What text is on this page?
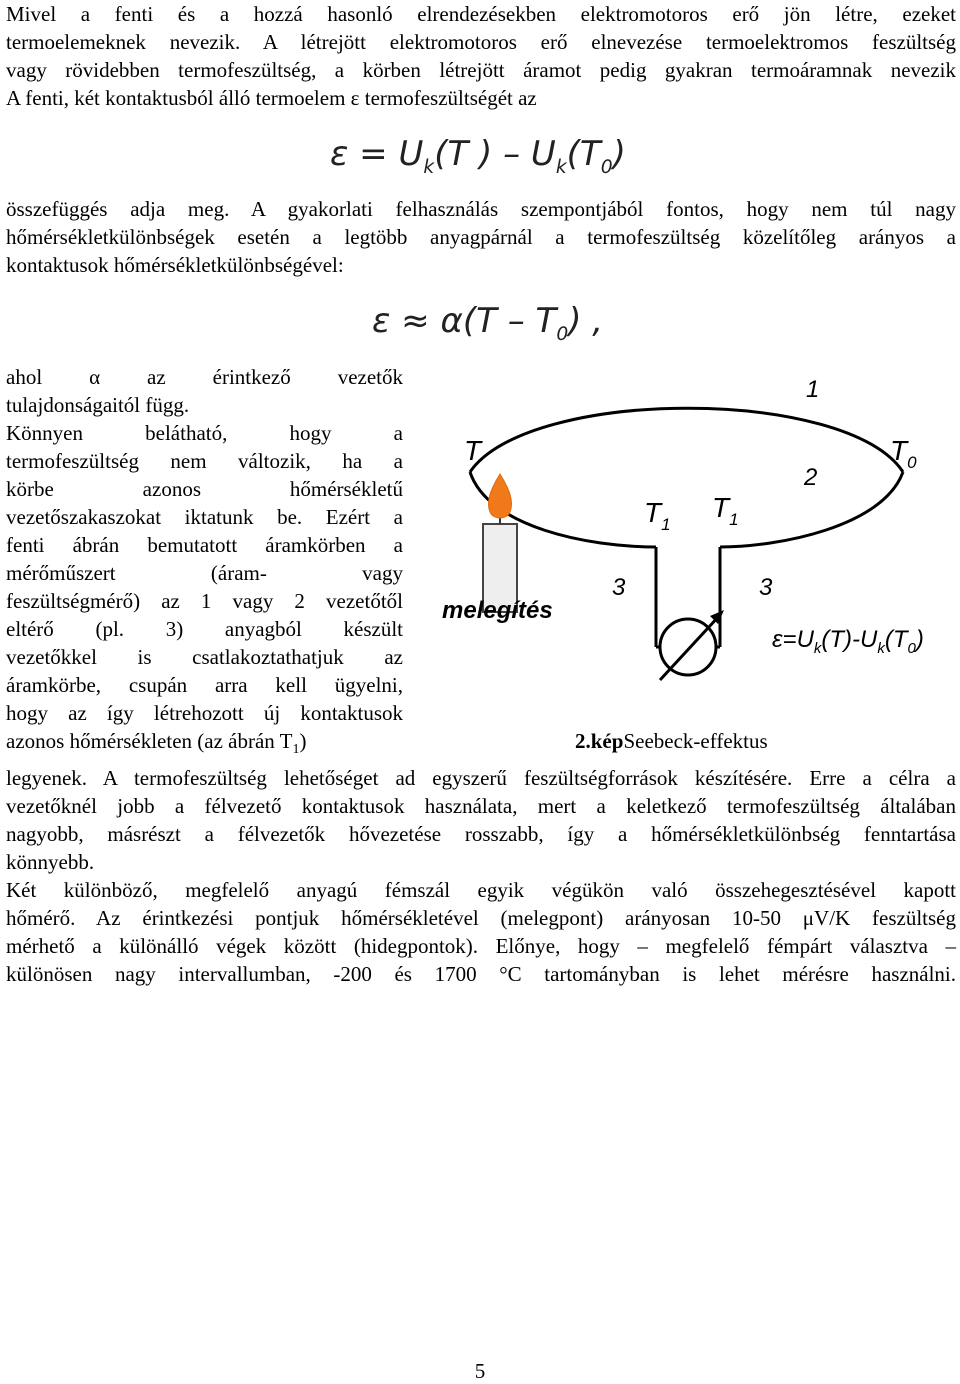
Mivel a fenti és a hozzá hasonló elrendezésekben elektromotoros erő jön létre, ezeket
termoelemeknek nevezik. A létrejött elektromotoros erő elnevezése termoelektromos feszültség
vagy rövidebben termofeszültség, a körben létrejött áramot pedig gyakran termoáramnak nevezik
A fenti, két kontaktusból álló termoelem ε termofeszültségét az
$\varepsilon = U_k(T$ ) – $U_k(T_0)$
összefüggés adja meg. A gyakorlati felhasználás szempontjából fontos, hogy nem túl nagy
hőmérsékletkülönbségek esetén a legtöbb anyagpárnál a termofeszültség közelítőleg arányos a
kontaktusok hőmérsékletkülönbségével:
$\varepsilon \approx \alpha(T - T_0)$ ,
ahol α az érintkező vezetők
tulajdonságaitól függ.
Könnyen belátható, hogy a
termofeszültség nem változik, ha a
körbe azonos hőmérsékletű
vezetőszakaszokat iktatunk be. Ezért a
fenti ábrán bemutatott áramkörben a
mérőműszert (áram- vagy
feszültségmérő) az 1 vagy 2 vezetőtől
eltérő (pl. 3) anyagból készült
vezetőkkel is csatlakoztathatjuk az
áramkörbe, csupán arra kell ügyelni,
hogy az így létrehozott új kontaktusok
azonos hőmérsékleten (az ábrán $T_1$)
T	$T_0$
$T_1$
$T_1$
1
2
3	3
melegítés
$\varepsilon=U_k(T)-U_k(T_0)$
2.képSeebeck-effektus
legyenek. A termofeszültség lehetőséget ad egyszerű feszültségforrások készítésére. Erre a célra a
vezetőknél jobb a félvezető kontaktusok használata, mert a keletkező termofeszültség általában
nagyobb, másrészt a félvezetők hővezetése rosszabb, így a hőmérsékletkülönbség fenntartása
könnyebb.
Két különböző, megfelelő anyagú fémszál egyik végükön való összehegesztésével kapott
hőmérő. Az érintkezési pontjuk hőmérsékletével (melegpont) arányosan 10-50 μV/K feszültség
mérhető a különálló végek között (hidegpontok). Előnye, hogy – megfelelő fémpárt választva –
különösen nagy intervallumban, -200 és 1700 °C tartományban is lehet mérésre használni.
5
